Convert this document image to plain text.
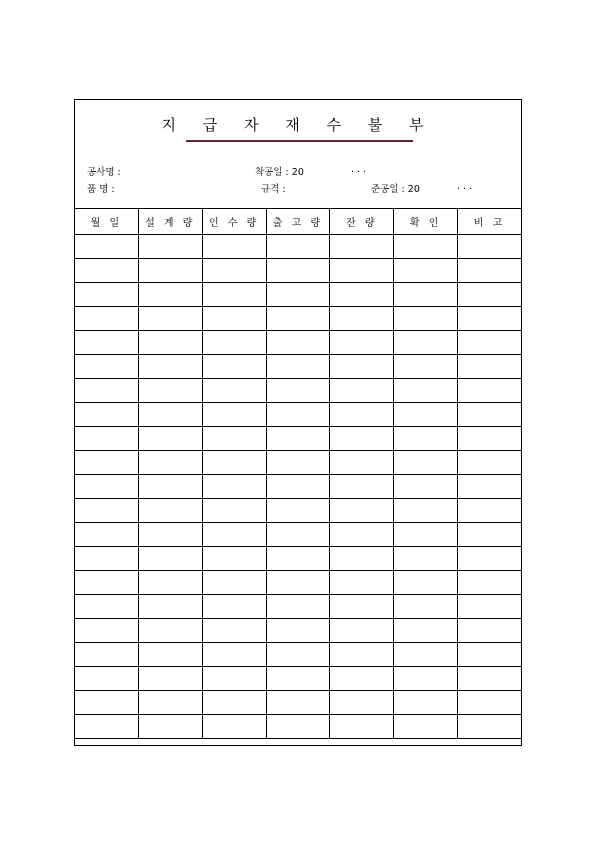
지 급 자 재 수 불 부
공사명 :	착공일 : 20	. . .
품 명 :	규격 :	준공일 : 20	. . .
월 일	설 계 량	인 수 량	출 고 량	잔 량	확 인	비 고
